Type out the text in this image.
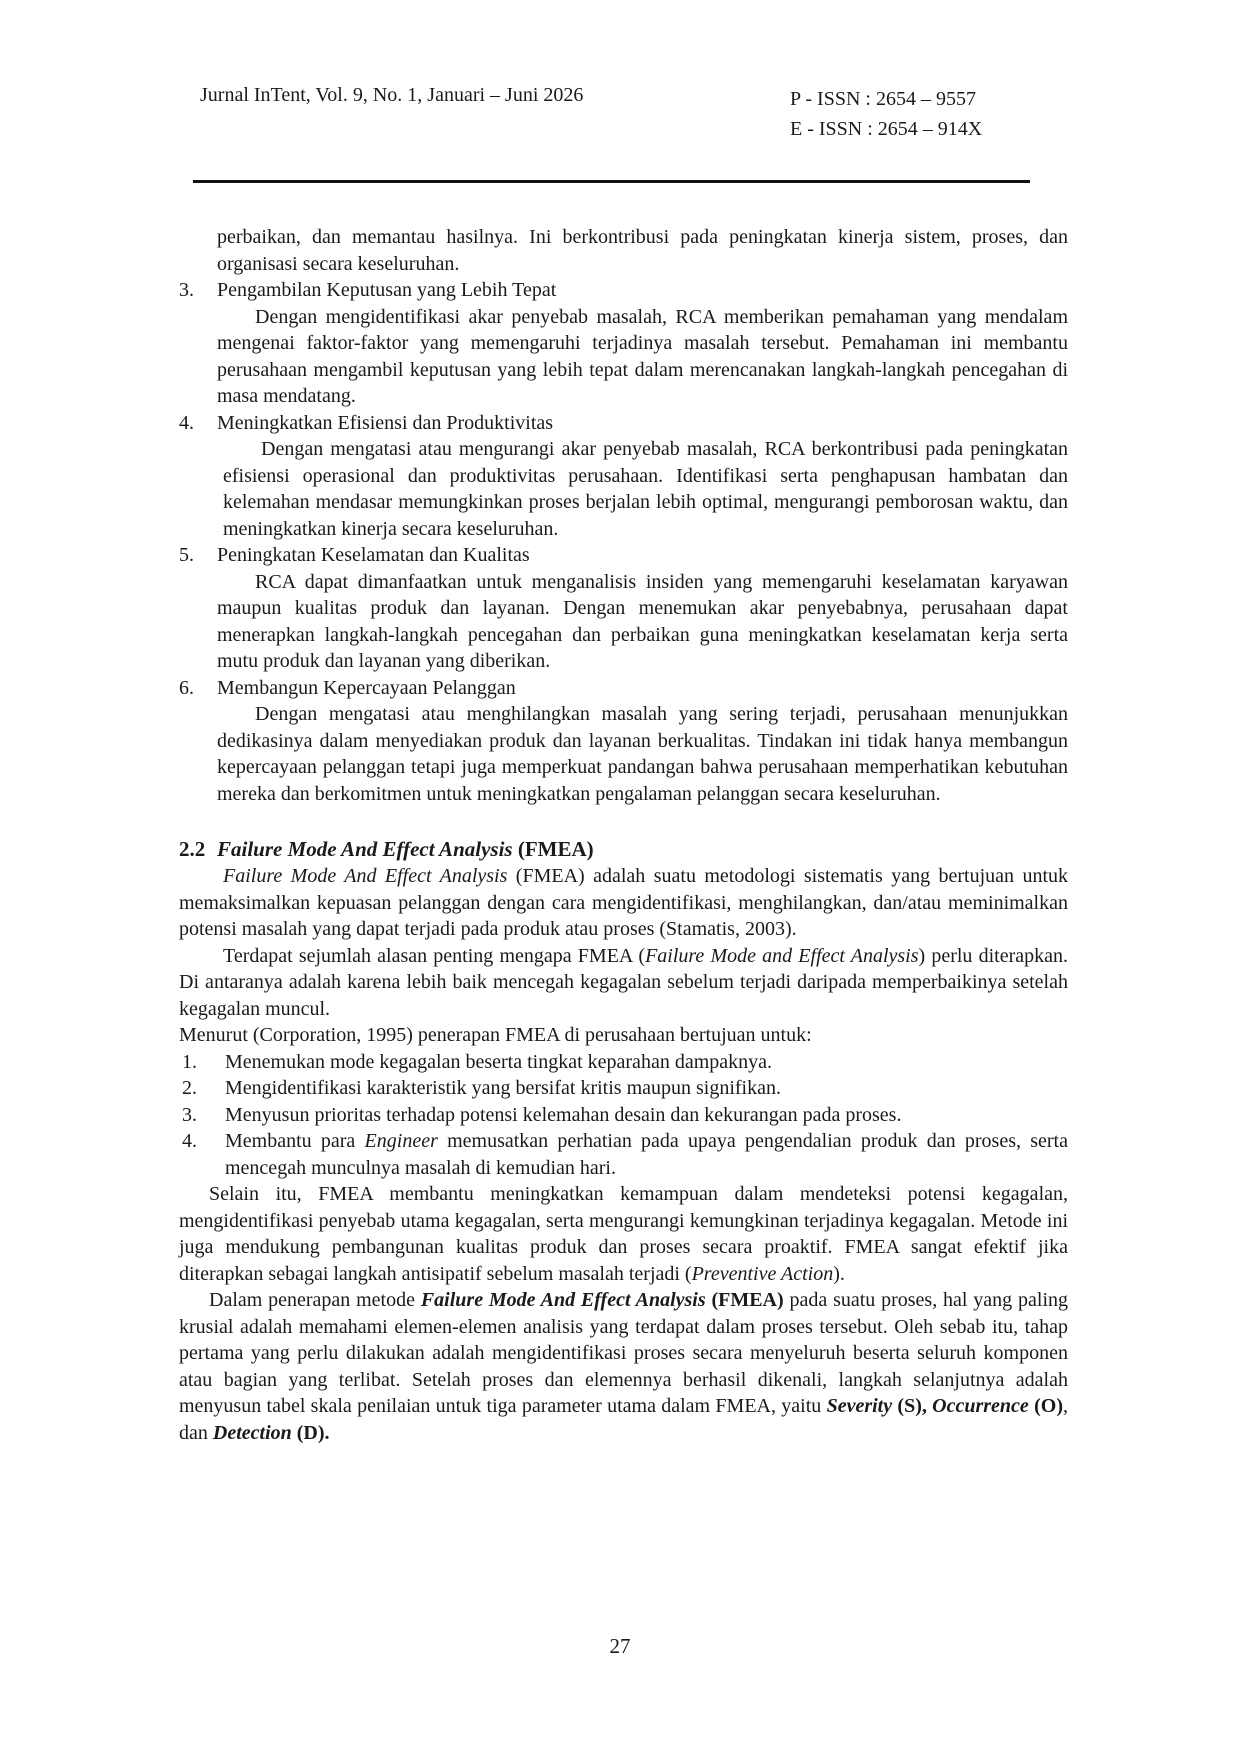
Jurnal InTent, Vol. 9, No. 1, Januari – Juni 2026	P - ISSN : 2654 – 9557
E - ISSN : 2654 – 914X

perbaikan, dan memantau hasilnya. Ini berkontribusi pada peningkatan kinerja sistem, proses, dan organisasi secara keseluruhan.

3. Pengambilan Keputusan yang Lebih Tepat

Dengan mengidentifikasi akar penyebab masalah, RCA memberikan pemahaman yang mendalam mengenai faktor-faktor yang memengaruhi terjadinya masalah tersebut. Pemahaman ini membantu perusahaan mengambil keputusan yang lebih tepat dalam merencanakan langkah-langkah pencegahan di masa mendatang.

4. Meningkatkan Efisiensi dan Produktivitas

Dengan mengatasi atau mengurangi akar penyebab masalah, RCA berkontribusi pada peningkatan efisiensi operasional dan produktivitas perusahaan. Identifikasi serta penghapusan hambatan dan kelemahan mendasar memungkinkan proses berjalan lebih optimal, mengurangi pemborosan waktu, dan meningkatkan kinerja secara keseluruhan.

5. Peningkatan Keselamatan dan Kualitas

RCA dapat dimanfaatkan untuk menganalisis insiden yang memengaruhi keselamatan karyawan maupun kualitas produk dan layanan. Dengan menemukan akar penyebabnya, perusahaan dapat menerapkan langkah-langkah pencegahan dan perbaikan guna meningkatkan keselamatan kerja serta mutu produk dan layanan yang diberikan.

6. Membangun Kepercayaan Pelanggan

Dengan mengatasi atau menghilangkan masalah yang sering terjadi, perusahaan menunjukkan dedikasinya dalam menyediakan produk dan layanan berkualitas. Tindakan ini tidak hanya membangun kepercayaan pelanggan tetapi juga memperkuat pandangan bahwa perusahaan memperhatikan kebutuhan mereka dan berkomitmen untuk meningkatkan pengalaman pelanggan secara keseluruhan.

2.2 Failure Mode And Effect Analysis (FMEA)

Failure Mode And Effect Analysis (FMEA) adalah suatu metodologi sistematis yang bertujuan untuk memaksimalkan kepuasan pelanggan dengan cara mengidentifikasi, menghilangkan, dan/atau meminimalkan potensi masalah yang dapat terjadi pada produk atau proses (Stamatis, 2003).

Terdapat sejumlah alasan penting mengapa FMEA (Failure Mode and Effect Analysis) perlu diterapkan. Di antaranya adalah karena lebih baik mencegah kegagalan sebelum terjadi daripada memperbaikinya setelah kegagalan muncul.

Menurut (Corporation, 1995) penerapan FMEA di perusahaan bertujuan untuk:

1. Menemukan mode kegagalan beserta tingkat keparahan dampaknya.
2. Mengidentifikasi karakteristik yang bersifat kritis maupun signifikan.
3. Menyusun prioritas terhadap potensi kelemahan desain dan kekurangan pada proses.
4. Membantu para Engineer memusatkan perhatian pada upaya pengendalian produk dan proses, serta mencegah munculnya masalah di kemudian hari.

Selain itu, FMEA membantu meningkatkan kemampuan dalam mendeteksi potensi kegagalan, mengidentifikasi penyebab utama kegagalan, serta mengurangi kemungkinan terjadinya kegagalan. Metode ini juga mendukung pembangunan kualitas produk dan proses secara proaktif. FMEA sangat efektif jika diterapkan sebagai langkah antisipatif sebelum masalah terjadi (Preventive Action).

Dalam penerapan metode Failure Mode And Effect Analysis (FMEA) pada suatu proses, hal yang paling krusial adalah memahami elemen-elemen analisis yang terdapat dalam proses tersebut. Oleh sebab itu, tahap pertama yang perlu dilakukan adalah mengidentifikasi proses secara menyeluruh beserta seluruh komponen atau bagian yang terlibat. Setelah proses dan elemennya berhasil dikenali, langkah selanjutnya adalah menyusun tabel skala penilaian untuk tiga parameter utama dalam FMEA, yaitu Severity (S), Occurrence (O), dan Detection (D).

27
